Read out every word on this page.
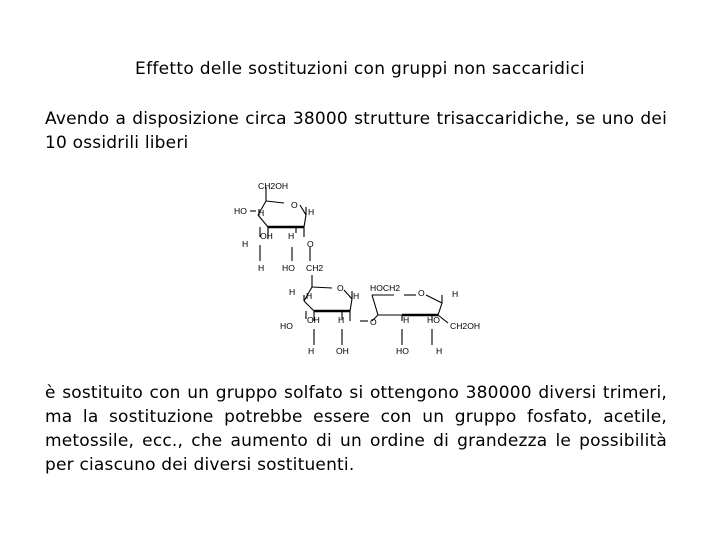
Effetto delle sostituzioni con gruppi non saccaridici
Avendo a disposizione circa 38000 strutture trisaccaridiche, se uno dei 10 ossidrili liberi
CH2OH
HO H
O
H
OH H
H	O
H HO CH2
H H
O
H
HOCH2 O	H
HO
OH H	O	H HO
CH2OH
H	OH	HO	H
è sostituito con un gruppo solfato si ottengono 380000 diversi trimeri, ma la sostituzione potrebbe essere con un gruppo fosfato, acetile, metossile, ecc., che aumento di un ordine di grandezza le possibilità per ciascuno dei diversi sostituenti.
